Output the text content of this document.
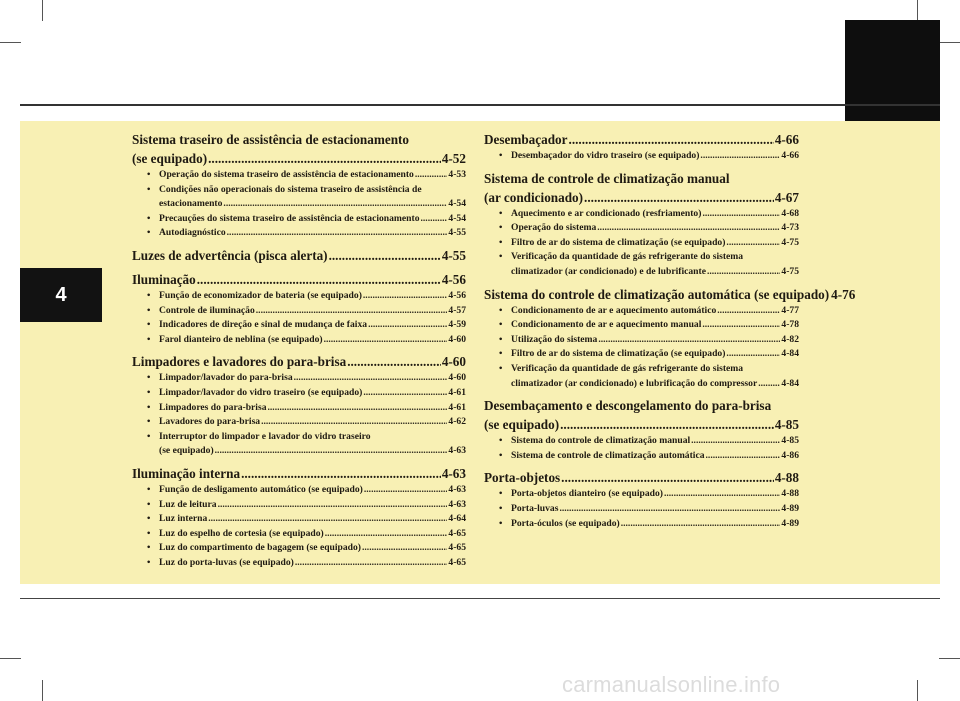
4
Sistema traseiro de assistência de estacionamento
(se equipado) .....	4-52
• Operação do sistema traseiro de assistência de estacionamento .....	4-53
• Condições não operacionais do sistema traseiro de assistência de
estacionamento .....	4-54
• Precauções do sistema traseiro de assistência de estacionamento .....	4-54
• Autodiagnóstico .....	4-55
Luzes de advertência (pisca alerta) .....	4-55
Iluminação .....	4-56
• Função de economizador de bateria (se equipado) .....	4-56
• Controle de iluminação .....	4-57
• Indicadores de direção e sinal de mudança de faixa .....	4-59
• Farol dianteiro de neblina (se equipado) .....	4-60
Limpadores e lavadores do para-brisa .....	4-60
• Limpador/lavador do para-brisa .....	4-60
• Limpador/lavador do vidro traseiro (se equipado) .....	4-61
• Limpadores do para-brisa .....	4-61
• Lavadores do para-brisa .....	4-62
• Interruptor do limpador e lavador do vidro traseiro
(se equipado) .....	4-63
Iluminação interna .....	4-63
• Função de desligamento automático (se equipado) .....	4-63
• Luz de leitura .....	4-63
• Luz interna .....	4-64
• Luz do espelho de cortesia (se equipado) .....	4-65
• Luz do compartimento de bagagem (se equipado) .....	4-65
• Luz do porta-luvas (se equipado) .....	4-65
Desembaçador .....	4-66
• Desembaçador do vidro traseiro (se equipado) .....	4-66
Sistema de controle de climatização manual
(ar condicionado) .....	4-67
• Aquecimento e ar condicionado (resfriamento) .....	4-68
• Operação do sistema .....	4-73
• Filtro de ar do sistema de climatização (se equipado) .....	4-75
• Verificação da quantidade de gás refrigerante do sistema
climatizador (ar condicionado) e de lubrificante .....	4-75
Sistema do controle de climatização automática (se equipado) 4-76
• Condicionamento de ar e aquecimento automático .....	4-77
• Condicionamento de ar e aquecimento manual .....	4-78
• Utilização do sistema .....	4-82
• Filtro de ar do sistema de climatização (se equipado) .....	4-84
• Verificação da quantidade de gás refrigerante do sistema
climatizador (ar condicionado) e lubrificação do compressor .....	4-84
Desembaçamento e descongelamento do para-brisa
(se equipado) .....	4-85
• Sistema do controle de climatização manual .....	4-85
• Sistema de controle de climatização automática .....	4-86
Porta-objetos .....	4-88
• Porta-objetos dianteiro (se equipado) .....	4-88
• Porta-luvas .....	4-89
• Porta-óculos (se equipado) .....	4-89
carmanualsonline.info
